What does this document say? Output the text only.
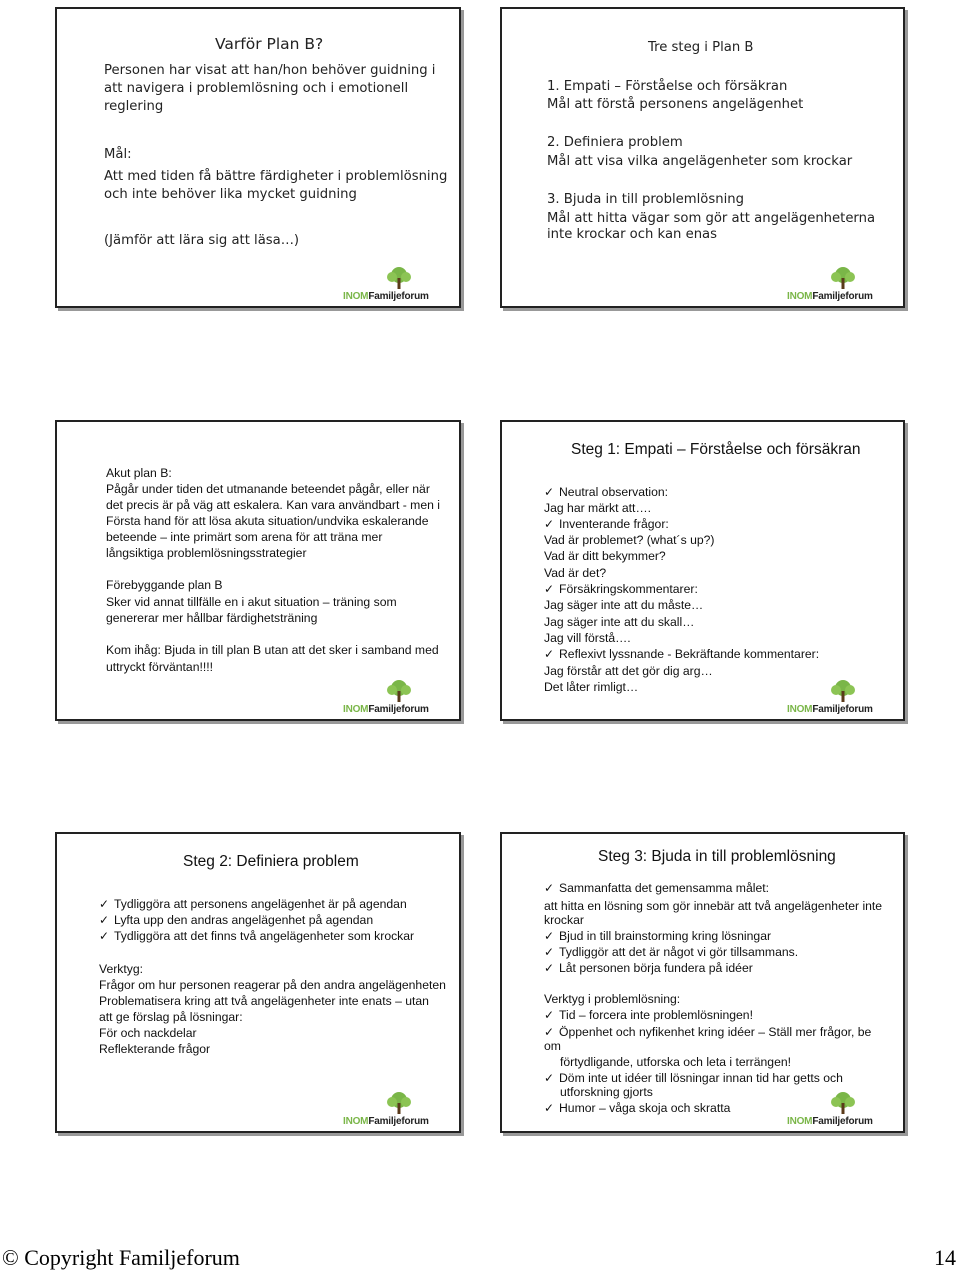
Varför Plan B?
Personen har visat att han/hon behöver guidning i
att navigera i problemlösning och i emotionell
reglering
Mål:
Att med tiden få bättre färdigheter i problemlösning
och inte behöver lika mycket guidning
(Jämför att lära sig att läsa…)
INOMFamiljeforum
Tre steg i Plan B
1. Empati – Förståelse och försäkran
Mål att förstå personens angelägenhet
2. Definiera problem
Mål att visa vilka angelägenheter som krockar
3. Bjuda in till problemlösning
Mål att hitta vägar som gör att angelägenheterna
inte krockar och kan enas
INOMFamiljeforum
Akut plan B:
Pågår under tiden det utmanande beteendet pågår, eller när
det precis är på väg att eskalera. Kan vara användbart - men i
Första hand för att lösa akuta situation/undvika eskalerande
beteende – inte primärt som arena för att träna mer
långsiktiga problemlösningsstrategier
Förebyggande plan B
Sker vid annat tillfälle en i akut situation – träning som
genererar mer hållbar färdighetsträning
Kom ihåg: Bjuda in till plan B utan att det sker i samband med
uttryckt förväntan!!!!
INOMFamiljeforum
Steg 1: Empati – Förståelse och försäkran
✓ Neutral observation:
Jag har märkt att….
✓ Inventerande frågor:
Vad är problemet? (what´s up?)
Vad är ditt bekymmer?
Vad är det?
✓ Försäkringskommentarer:
Jag säger inte att du måste…
Jag säger inte att du skall…
Jag vill förstå….
✓ Reflexivt lyssnande - Bekräftande kommentarer:
Jag förstår att det gör dig arg…
Det låter rimligt…
INOMFamiljeforum
Steg 2: Definiera problem
✓ Tydliggöra att personens angelägenhet är på agendan
✓ Lyfta upp den andras angelägenhet på agendan
✓ Tydliggöra att det finns två angelägenheter som krockar
Verktyg:
Frågor om hur personen reagerar på den andra angelägenheten
Problematisera kring att två angelägenheter inte enats – utan
att ge förslag på lösningar:
För och nackdelar
Reflekterande frågor
INOMFamiljeforum
Steg 3: Bjuda in till problemlösning
✓ Sammanfatta det gemensamma målet:
att hitta en lösning som gör innebär att två angelägenheter inte
krockar
✓ Bjud in till brainstorming kring lösningar
✓ Tydliggör att det är något vi gör tillsammans.
✓ Låt personen börja fundera på idéer
Verktyg i problemlösning:
✓ Tid – forcera inte problemlösningen!
✓ Öppenhet och nyfikenhet kring idéer – Ställ mer frågor, be
om
förtydligande, utforska och leta i terrängen!
✓ Döm inte ut idéer till lösningar innan tid har getts och
utforskning gjorts
✓ Humor – våga skoja och skratta
INOMFamiljeforum
© Copyright Familjeforum	14
